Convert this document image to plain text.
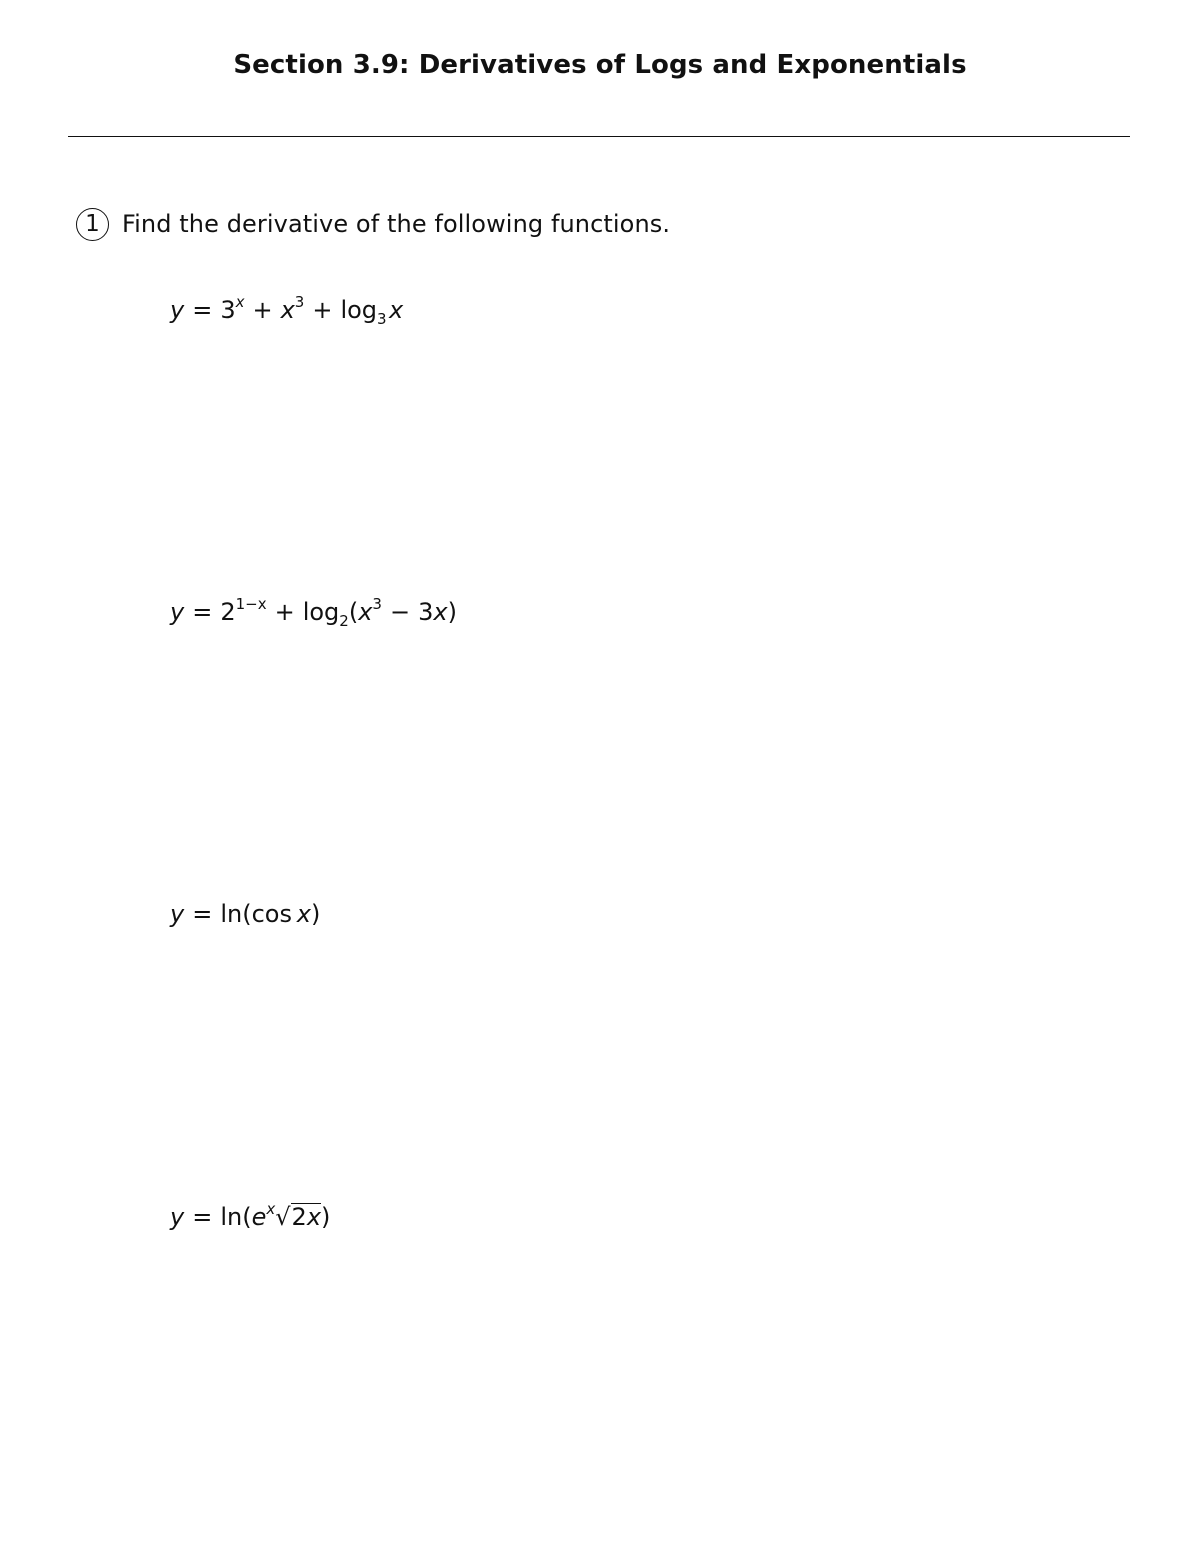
Section 3.9: Derivatives of Logs and Exponentials
1 Find the derivative of the following functions.
$y = 3^x + x^3 + \log_3$ x
$y = 2^{1-x} + \log_2(x^3 - 3x)$
y = ln(cos  x)
$y = \ln(e^x√2x)$
